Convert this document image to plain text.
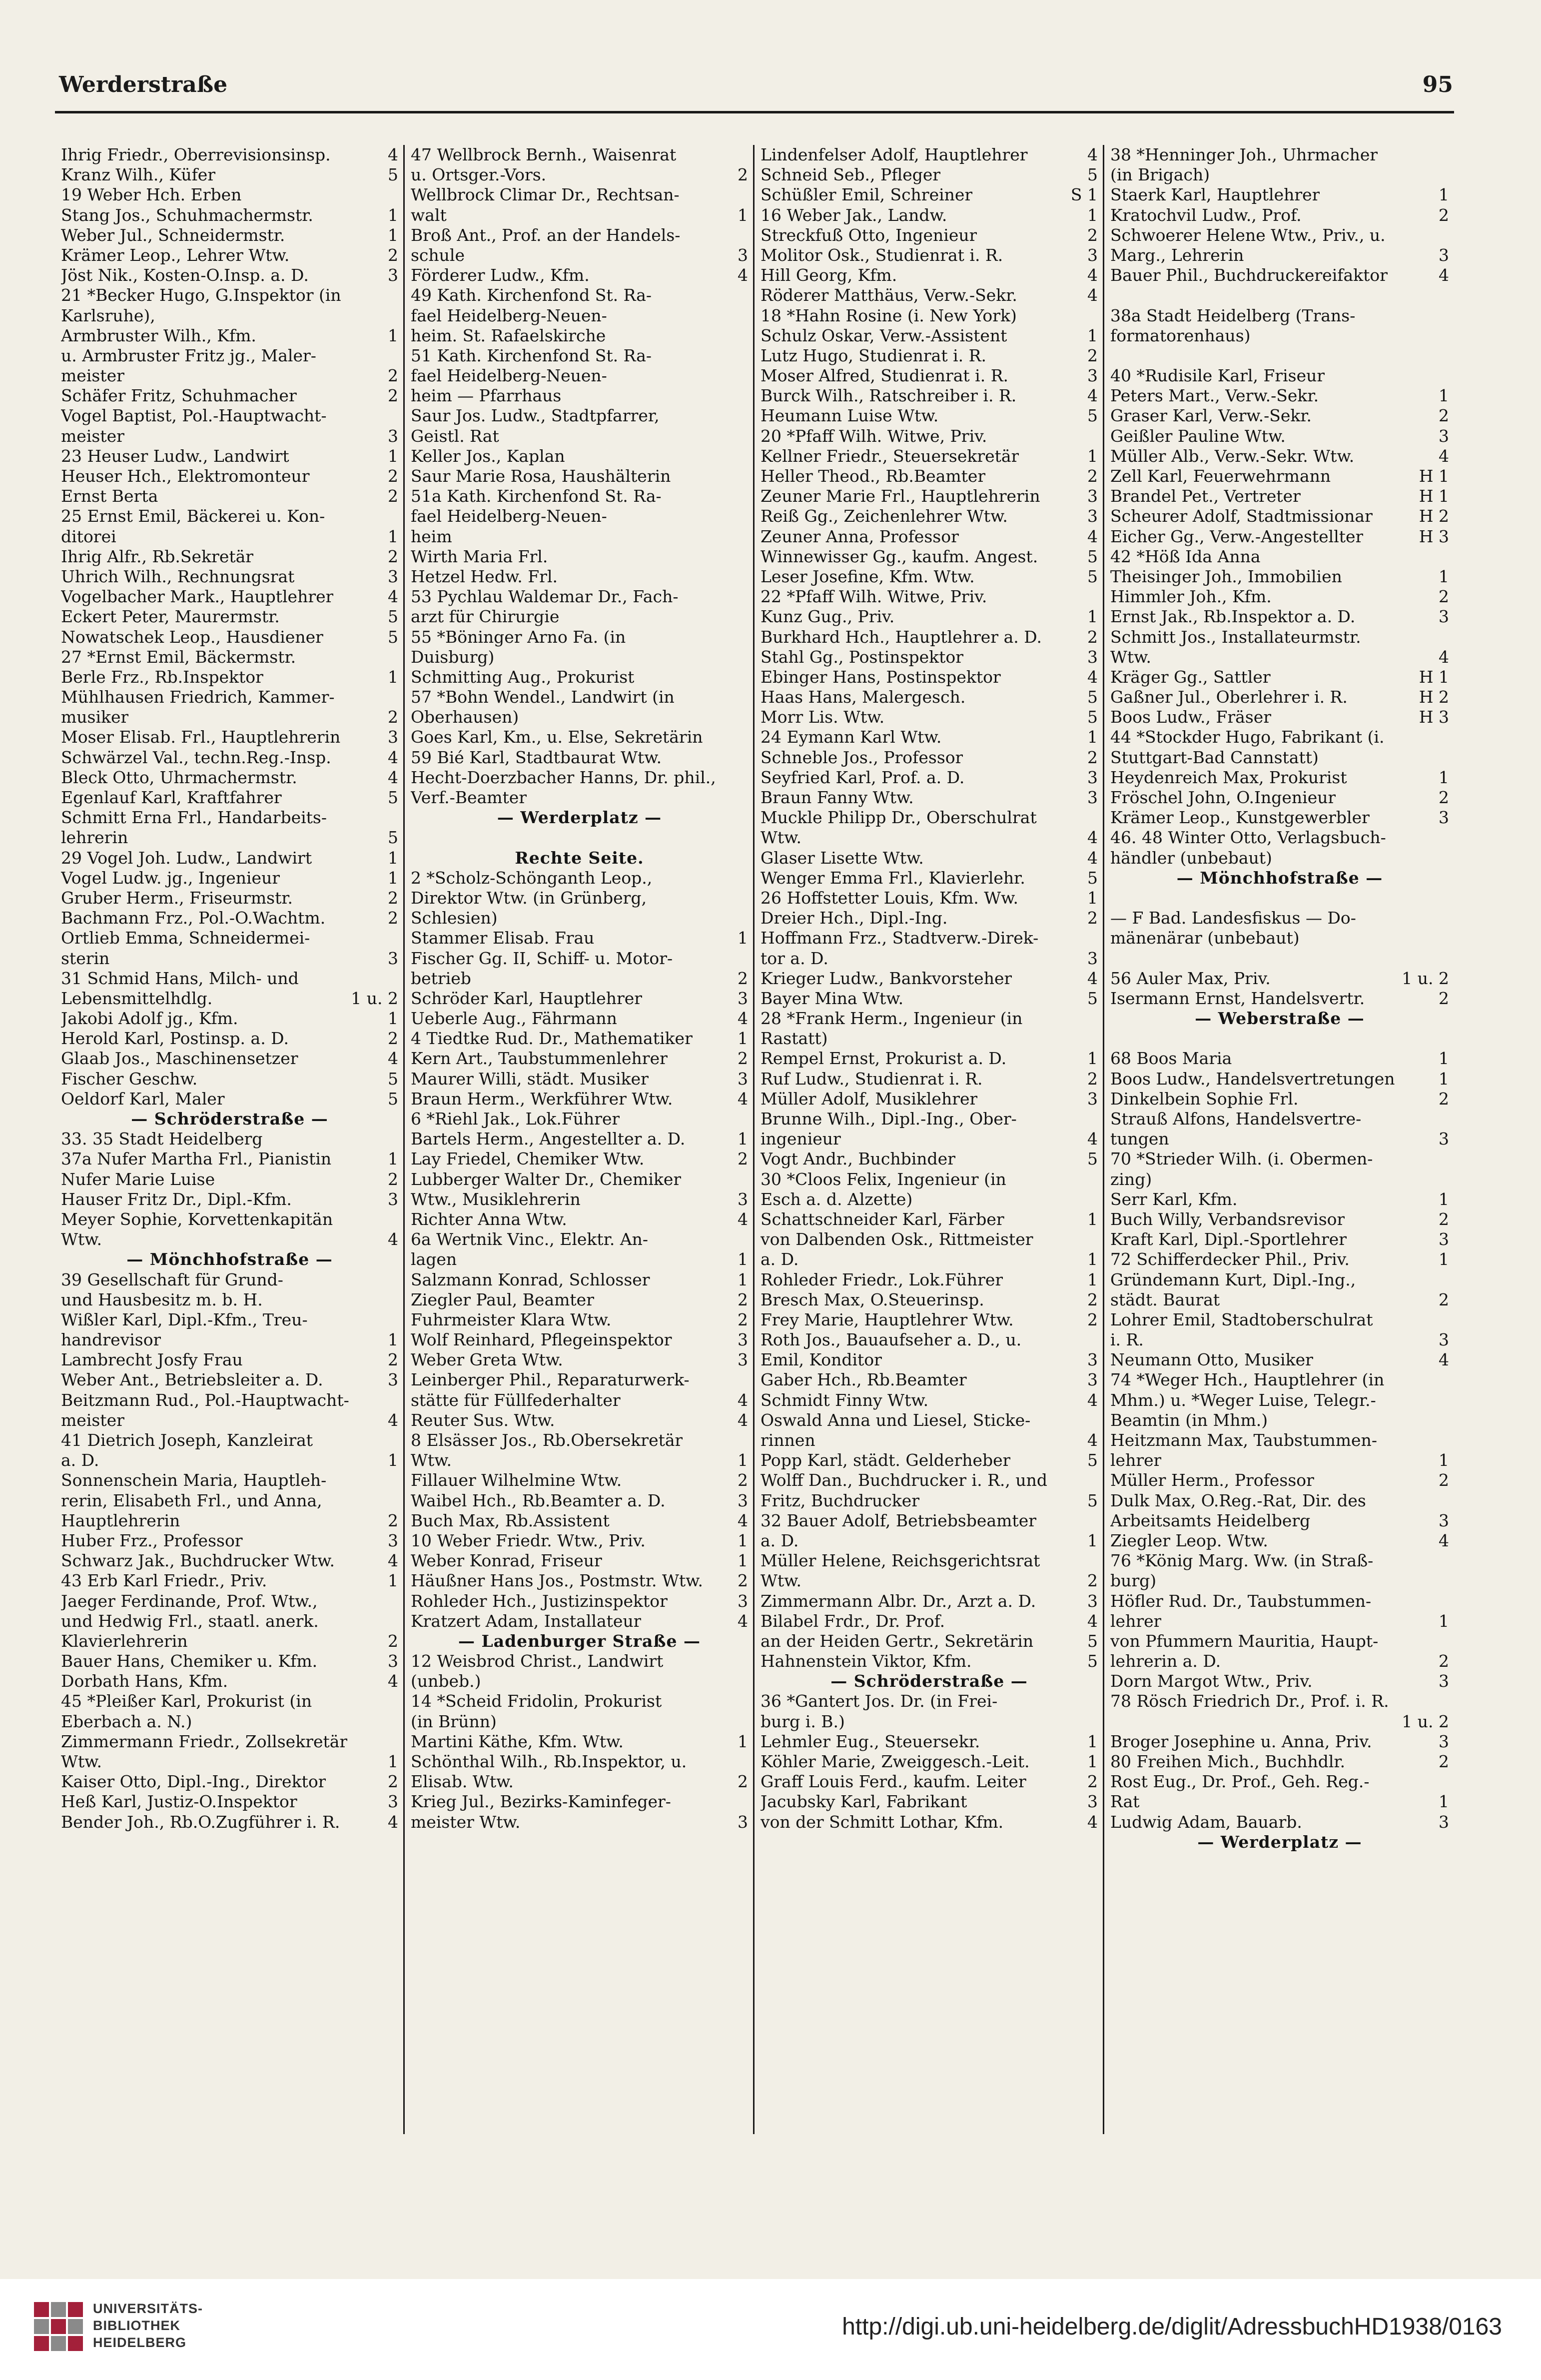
Werderstraße	95
Ihrig Friedr., Oberrevisionsinsp.	4
Kranz Wilh., Küfer	5
19 Weber Hch. Erben
Stang Jos., Schuhmachermstr.	1
Weber Jul., Schneidermstr.	1
Krämer Leop., Lehrer Wtw.	2
Jöst Nik., Kosten-O.Insp. a. D.	3
21 *Becker Hugo, G.Inspektor (in
Karlsruhe),
Armbruster Wilh., Kfm.	1
u. Armbruster Fritz jg., Maler-
meister	2
Schäfer Fritz, Schuhmacher	2
Vogel Baptist, Pol.-Hauptwacht-
meister	3
23 Heuser Ludw., Landwirt	1
Heuser Hch., Elektromonteur	2
Ernst Berta	2
25 Ernst Emil, Bäckerei u. Kon-
ditorei	1
Ihrig Alfr., Rb.Sekretär	2
Uhrich Wilh., Rechnungsrat	3
Vogelbacher Mark., Hauptlehrer	4
Eckert Peter, Maurermstr.	5
Nowatschek Leop., Hausdiener	5
27 *Ernst Emil, Bäckermstr.
Berle Frz., Rb.Inspektor	1
Mühlhausen Friedrich, Kammer-
musiker	2
Moser Elisab. Frl., Hauptlehrerin	3
Schwärzel Val., techn.Reg.-Insp.	4
Bleck Otto, Uhrmachermstr.	4
Egenlauf Karl, Kraftfahrer	5
Schmitt Erna Frl., Handarbeits-
lehrerin	5
29 Vogel Joh. Ludw., Landwirt	1
Vogel Ludw. jg., Ingenieur	1
Gruber Herm., Friseurmstr.	2
Bachmann Frz., Pol.-O.Wachtm.	2
Ortlieb Emma, Schneidermei-
sterin	3
31 Schmid Hans, Milch- und
Lebensmittelhdlg.	1 u. 2
Jakobi Adolf jg., Kfm.	1
Herold Karl, Postinsp. a. D.	2
Glaab Jos., Maschinensetzer	4
Fischer Geschw.	5
Oeldorf Karl, Maler	5
— Schröderstraße —
33. 35 Stadt Heidelberg
37a Nufer Martha Frl., Pianistin	1
Nufer Marie Luise	2
Hauser Fritz Dr., Dipl.-Kfm.	3
Meyer Sophie, Korvettenkapitän
Wtw.	4
— Mönchhofstraße —
39 Gesellschaft für Grund-
und Hausbesitz m. b. H.
Wißler Karl, Dipl.-Kfm., Treu-
handrevisor	1
Lambrecht Josfy Frau	2
Weber Ant., Betriebsleiter a. D.	3
Beitzmann Rud., Pol.-Hauptwacht-
meister	4
41 Dietrich Joseph, Kanzleirat
a. D.	1
Sonnenschein Maria, Hauptleh-
rerin, Elisabeth Frl., und Anna,
Hauptlehrerin	2
Huber Frz., Professor	3
Schwarz Jak., Buchdrucker Wtw.	4
43 Erb Karl Friedr., Priv.	1
Jaeger Ferdinande, Prof. Wtw.,
und Hedwig Frl., staatl. anerk.
Klavierlehrerin	2
Bauer Hans, Chemiker u. Kfm.	3
Dorbath Hans, Kfm.	4
45 *Pleißer Karl, Prokurist (in
Eberbach a. N.)
Zimmermann Friedr., Zollsekretär
Wtw.	1
Kaiser Otto, Dipl.-Ing., Direktor	2
Heß Karl, Justiz-O.Inspektor	3
Bender Joh., Rb.O.Zugführer i. R.	4
47 Wellbrock Bernh., Waisenrat
u. Ortsger.-Vors.	2
Wellbrock Climar Dr., Rechtsan-
walt	1
Broß Ant., Prof. an der Handels-
schule	3
Förderer Ludw., Kfm.	4
49 Kath. Kirchenfond St. Ra-
fael Heidelberg-Neuen-
heim. St. Rafaelskirche
51 Kath. Kirchenfond St. Ra-
fael Heidelberg-Neuen-
heim — Pfarrhaus
Saur Jos. Ludw., Stadtpfarrer,
Geistl. Rat
Keller Jos., Kaplan
Saur Marie Rosa, Haushälterin
51a Kath. Kirchenfond St. Ra-
fael Heidelberg-Neuen-
heim
Wirth Maria Frl.
Hetzel Hedw. Frl.
53 Pychlau Waldemar Dr., Fach-
arzt für Chirurgie
55 *Böninger Arno Fa. (in
Duisburg)
Schmitting Aug., Prokurist
57 *Bohn Wendel., Landwirt (in
Oberhausen)
Goes Karl, Km., u. Else, Sekretärin
59 Bié Karl, Stadtbaurat Wtw.
Hecht-Doerzbacher Hanns, Dr. phil.,
Verf.-Beamter
— Werderplatz —
Rechte Seite.
2 *Scholz-Schönganth Leop.,
Direktor Wtw. (in Grünberg,
Schlesien)
Stammer Elisab. Frau	1
Fischer Gg. II, Schiff- u. Motor-
betrieb	2
Schröder Karl, Hauptlehrer	3
Ueberle Aug., Fährmann	4
4 Tiedtke Rud. Dr., Mathematiker	1
Kern Art., Taubstummenlehrer	2
Maurer Willi, städt. Musiker	3
Braun Herm., Werkführer Wtw.	4
6 *Riehl Jak., Lok.Führer
Bartels Herm., Angestellter a. D.	1
Lay Friedel, Chemiker Wtw.	2
Lubberger Walter Dr., Chemiker
Wtw., Musiklehrerin	3
Richter Anna Wtw.	4
6a Wertnik Vinc., Elektr. An-
lagen	1
Salzmann Konrad, Schlosser	1
Ziegler Paul, Beamter	2
Fuhrmeister Klara Wtw.	2
Wolf Reinhard, Pflegeinspektor	3
Weber Greta Wtw.	3
Leinberger Phil., Reparaturwerk-
stätte für Füllfederhalter	4
Reuter Sus. Wtw.	4
8 Elsässer Jos., Rb.Obersekretär
Wtw.	1
Fillauer Wilhelmine Wtw.	2
Waibel Hch., Rb.Beamter a. D.	3
Buch Max, Rb.Assistent	4
10 Weber Friedr. Wtw., Priv.	1
Weber Konrad, Friseur	1
Häußner Hans Jos., Postmstr. Wtw. 2
Rohleder Hch., Justizinspektor	3
Kratzert Adam, Installateur	4
— Ladenburger Straße —
12 Weisbrod Christ., Landwirt
(unbeb.)
14 *Scheid Fridolin, Prokurist
(in Brünn)
Martini Käthe, Kfm. Wtw.	1
Schönthal Wilh., Rb.Inspektor, u.
Elisab. Wtw.	2
Krieg Jul., Bezirks-Kaminfeger-
meister Wtw.	3
Lindenfelser Adolf, Hauptlehrer	4
Schneid Seb., Pfleger	5
Schüßler Emil, Schreiner	S 1
16 Weber Jak., Landw.	1
Streckfuß Otto, Ingenieur	2
Molitor Osk., Studienrat i. R.	3
Hill Georg, Kfm.	4
Röderer Matthäus, Verw.-Sekr.	4
18 *Hahn Rosine (i. New York)
Schulz Oskar, Verw.-Assistent	1
Lutz Hugo, Studienrat i. R.	2
Moser Alfred, Studienrat i. R.	3
Burck Wilh., Ratschreiber i. R.	4
Heumann Luise Wtw.	5
20 *Pfaff Wilh. Witwe, Priv.
Kellner Friedr., Steuersekretär	1
Heller Theod., Rb.Beamter	2
Zeuner Marie Frl., Hauptlehrerin	3
Reiß Gg., Zeichenlehrer Wtw.	3
Zeuner Anna, Professor	4
Winnewisser Gg., kaufm. Angest.	5
Leser Josefine, Kfm. Wtw.	5
22 *Pfaff Wilh. Witwe, Priv.
Kunz Gug., Priv.	1
Burkhard Hch., Hauptlehrer a. D.	2
Stahl Gg., Postinspektor	3
Ebinger Hans, Postinspektor	4
Haas Hans, Malergesch.	5
Morr Lis. Wtw.	5
24 Eymann Karl Wtw.	1
Schneble Jos., Professor	2
Seyfried Karl, Prof. a. D.	3
Braun Fanny Wtw.	3
Muckle Philipp Dr., Oberschulrat
Wtw.	4
Glaser Lisette Wtw.	4
Wenger Emma Frl., Klavierlehr.	5
26 Hoffstetter Louis, Kfm. Ww.	1
Dreier Hch., Dipl.-Ing.	2
Hoffmann Frz., Stadtverw.-Direk-
tor a. D.	3
Krieger Ludw., Bankvorsteher	4
Bayer Mina Wtw.	5
28 *Frank Herm., Ingenieur (in
Rastatt)
Rempel Ernst, Prokurist a. D.	1
Ruf Ludw., Studienrat i. R.	2
Müller Adolf, Musiklehrer	3
Brunne Wilh., Dipl.-Ing., Ober-
ingenieur	4
Vogt Andr., Buchbinder	5
30 *Cloos Felix, Ingenieur (in
Esch a. d. Alzette)
Schattschneider Karl, Färber	1
von Dalbenden Osk., Rittmeister
a. D.	1
Rohleder Friedr., Lok.Führer	1
Bresch Max, O.Steuerinsp.	2
Frey Marie, Hauptlehrer Wtw.	2
Roth Jos., Bauaufseher a. D., u.
Emil, Konditor	3
Gaber Hch., Rb.Beamter	3
Schmidt Finny Wtw.	4
Oswald Anna und Liesel, Sticke-
rinnen	4
Popp Karl, städt. Gelderheber	5
Wolff Dan., Buchdrucker i. R., und
Fritz, Buchdrucker	5
32 Bauer Adolf, Betriebsbeamter
a. D.	1
Müller Helene, Reichsgerichtsrat
Wtw.	2
Zimmermann Albr. Dr., Arzt a. D.	3
Bilabel Frdr., Dr. Prof.	4
an der Heiden Gertr., Sekretärin	5
Hahnenstein Viktor, Kfm.	5
— Schröderstraße —
36 *Gantert Jos. Dr. (in Frei-
burg i. B.)
Lehmler Eug., Steuersekr.	1
Köhler Marie, Zweiggesch.-Leit.	1
Graff Louis Ferd., kaufm. Leiter	2
Jacubsky Karl, Fabrikant	3
von der Schmitt Lothar, Kfm.	4
38 *Henninger Joh., Uhrmacher
(in Brigach)
Staerk Karl, Hauptlehrer	1
Kratochvil Ludw., Prof.	2
Schwoerer Helene Wtw., Priv., u.
Marg., Lehrerin	3
Bauer Phil., Buchdruckereifaktor	4
38a Stadt Heidelberg (Trans-
formatorenhaus)
40 *Rudisile Karl, Friseur
Peters Mart., Verw.-Sekr.	1
Graser Karl, Verw.-Sekr.	2
Geißler Pauline Wtw.	3
Müller Alb., Verw.-Sekr. Wtw.	4
Zell Karl, Feuerwehrmann	H 1
Brandel Pet., Vertreter	H 1
Scheurer Adolf, Stadtmissionar	H 2
Eicher Gg., Verw.-Angestellter	H 3
42 *Höß Ida Anna
Theisinger Joh., Immobilien	1
Himmler Joh., Kfm.	2
Ernst Jak., Rb.Inspektor a. D.	3
Schmitt Jos., Installateurmstr.
Wtw.	4
Kräger Gg., Sattler	H 1
Gaßner Jul., Oberlehrer i. R.	H 2
Boos Ludw., Fräser	H 3
44 *Stockder Hugo, Fabrikant (i.
Stuttgart-Bad Cannstatt)
Heydenreich Max, Prokurist	1
Fröschel John, O.Ingenieur	2
Krämer Leop., Kunstgewerbler	3
46. 48 Winter Otto, Verlagsbuch-
händler (unbebaut)
— Mönchhofstraße —
— F Bad. Landesfiskus — Do-
mänenärar (unbebaut)
56 Auler Max, Priv.	1 u. 2
Isermann Ernst, Handelsvertr.	2
— Weberstraße —
68 Boos Maria	1
Boos Ludw., Handelsvertretungen	1
Dinkelbein Sophie Frl.	2
Strauß Alfons, Handelsvertre-
tungen	3
70 *Strieder Wilh. (i. Obermen-
zing)
Serr Karl, Kfm.	1
Buch Willy, Verbandsrevisor	2
Kraft Karl, Dipl.-Sportlehrer	3
72 Schifferdecker Phil., Priv.	1
Gründemann Kurt, Dipl.-Ing.,
städt. Baurat	2
Lohrer Emil, Stadtoberschulrat
i. R.	3
Neumann Otto, Musiker	4
74 *Weger Hch., Hauptlehrer (in
Mhm.) u. *Weger Luise, Telegr.-
Beamtin (in Mhm.)
Heitzmann Max, Taubstummen-
lehrer	1
Müller Herm., Professor	2
Dulk Max, O.Reg.-Rat, Dir. des
Arbeitsamts Heidelberg	3
Ziegler Leop. Wtw.	4
76 *König Marg. Ww. (in Straß-
burg)
Höfler Rud. Dr., Taubstummen-
lehrer	1
von Pfummern Mauritia, Haupt-
lehrerin a. D.	2
Dorn Margot Wtw., Priv.	3
78 Rösch Friedrich Dr., Prof. i. R.
1 u. 2
Broger Josephine u. Anna, Priv.	3
80 Freihen Mich., Buchhdlr.	2
Rost Eug., Dr. Prof., Geh. Reg.-
Rat	1
Ludwig Adam, Bauarb.	3
— Werderplatz —
UNIVERSITÄTS-
BIBLIOTHEK
HEIDELBERG
http://digi.ub.uni-heidelberg.de/diglit/AdressbuchHD1938/0163
